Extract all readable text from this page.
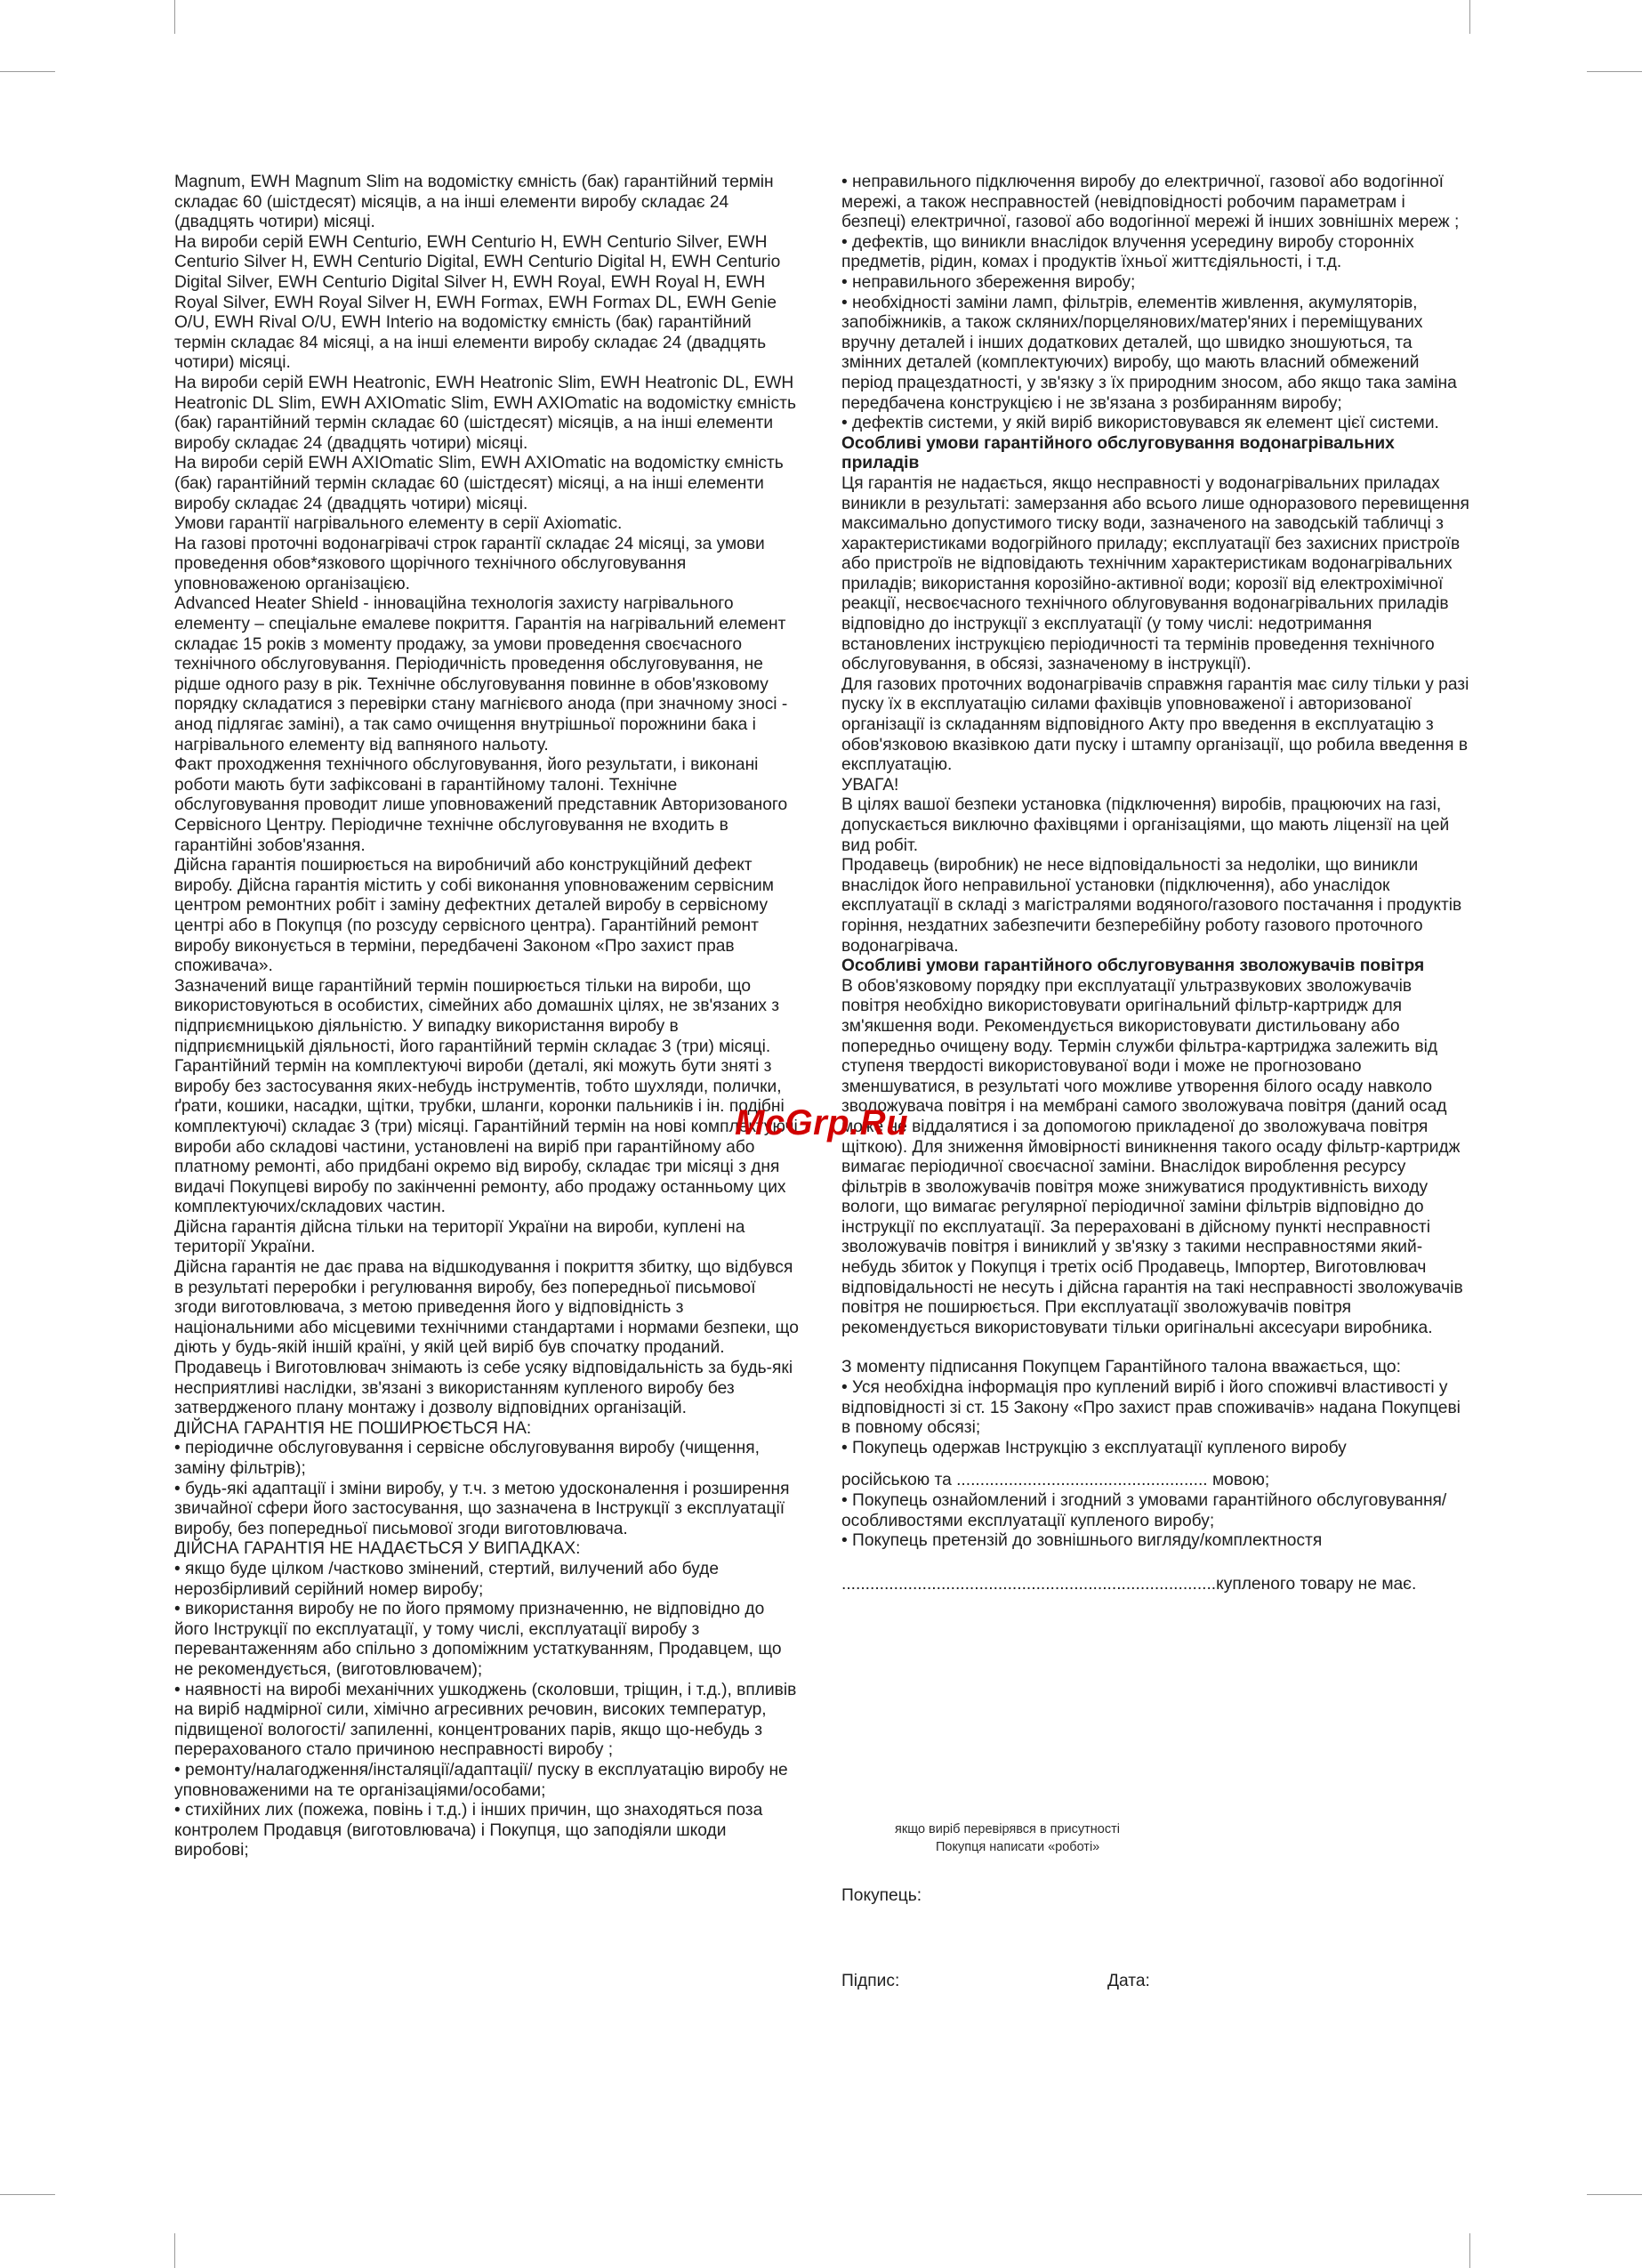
Magnum, EWH Magnum Slim на водомістку ємність (бак) гарантійний термін складає 60 (шістдесят) місяців, а на інші елементи виробу складає 24 (двадцять чотири) місяці.

На вироби серій EWH Centurio, EWH Centurio H, EWH Centurio Silver, EWH Centurio Silver H, EWH Centurio Digital, EWH Centurio Digital H, EWH Centurio Digital Silver, EWH Centurio Digital Silver H, EWH Royal, EWH Royal H, EWH Royal Silver, EWH Royal Silver H, EWH Formax, EWH Formax DL, EWH Genie O/U, EWH Rival O/U, EWH Interio на водомістку ємність (бак) гарантійний термін складає 84 місяці, а на інші елементи виробу складає 24 (двадцять чотири) місяці.

На вироби серій EWH Heatronic, EWH Heatronic Slim, EWH Heatronic DL, EWH Heatronic DL Slim, EWH AXIOmatic Slim, EWH AXIOmatic на водомістку ємність (бак) гарантійний термін складає 60 (шістдесят) місяців, а на інші елементи виробу складає 24 (двадцять чотири) місяці.

На вироби серій EWH AXIOmatic Slim, EWH AXIOmatic на водомістку ємність (бак) гарантійний термін складає 60 (шістдесят) місяці, а на інші елементи виробу складає 24 (двадцять чотири) місяці.

Умови гарантії нагрівального елементу в серії Axiomatic.

На газові проточні водонагрівачі строк гарантії складає 24 місяці, за умови проведення обов*язкового щорічного технічного обслуговування уповноваженою організацією.

Advanced Heater Shield - інноваційна технологія захисту нагрівального елементу – спеціальне емалеве покриття. Гарантія на нагрівальний елемент складає 15 років з моменту продажу, за умови проведення своєчасного технічного обслуговування. Періодичність проведення обслуговування, не рідше одного разу в рік. Технічне обслуговування повинне в обов'язковому порядку складатися з перевірки стану магнієвого анода (при значному зносі - анод підлягає заміні), а так само очищення внутрішньої порожнини бака і нагрівального елементу від вапняного нальоту.

Факт проходження технічного обслуговування, його результати, і виконані роботи мають бути зафіксовані в гарантійному талоні. Технічне обслуговування проводит лише уповноважений представник Авторизованого Сервісного Центру. Періодичне технічне обслуговування не входить в гарантійні зобов'язання.

Дійсна гарантія поширюється на виробничий або конструкційний дефект виробу. Дійсна гарантія містить у собі виконання уповноваженим сервісним центром ремонтних робіт і заміну дефектних деталей виробу в сервісному центрі або в Покупця (по розсуду сервісного центра). Гарантійний ремонт виробу виконується в терміни, передбачені Законом «Про захист прав споживача».

Зазначений вище гарантійний термін поширюється тільки на вироби, що використовуються в особистих, сімейних або домашніх цілях, не зв'язаних з підприємницькою діяльністю. У випадку використання виробу в підприємницькій діяльності, його гарантійний термін складає 3 (три) місяці. Гарантійний термін на комплектуючі вироби (деталі, які можуть бути зняті з виробу без застосування яких-небудь інструментів, тобто шухляди, полички, ґрати, кошики, насадки, щітки, трубки, шланги, коронки пальників і ін. подібні комплектуючі) складає 3 (три) місяці. Гарантійний термін на нові комплектуючі вироби або складові частини, установлені на виріб при гарантійному або платному ремонті, або придбані окремо від виробу, складає три місяці з дня видачі Покупцеві виробу по закінченні ремонту, або продажу останньому цих комплектуючих/складових частин.

Дійсна гарантія дійсна тільки на території України на вироби, куплені на території України.

Дійсна гарантія не дає права на відшкодування і покриття збитку, що відбувся в результаті переробки і регулювання виробу, без попередньої письмової згоди виготовлювача, з метою приведення його у відповідність з національними або місцевими технічними стандартами і нормами безпеки, що діють у будь-якій іншій країні, у якій цей виріб був спочатку проданий.

Продавець і Виготовлювач знімають із себе усяку відповідальність за будь-які несприятливі наслідки, зв'язані з використанням купленого виробу без затвердженого плану монтажу і дозволу відповідних організацій.

ДІЙСНА ГАРАНТІЯ НЕ ПОШИРЮЄТЬСЯ НА:

• періодичне обслуговування і сервісне обслуговування виробу (чищення, заміну фільтрів);

• будь-які адаптації і зміни виробу, у т.ч. з метою удосконалення і розширення звичайної сфери його застосування, що зазначена в Інструкції з експлуатації виробу, без попередньої письмової згоди виготовлювача.

ДІЙСНА ГАРАНТІЯ НЕ НАДАЄТЬСЯ У ВИПАДКАХ:

• якщо буде цілком /частково змінений, стертий, вилучений або буде нерозбірливий серійний номер виробу;

• використання виробу не по його прямому призначенню, не відповідно до його Інструкції по експлуатації, у тому числі, експлуатації виробу з перевантаженням або спільно з допоміжним устаткуванням, Продавцем, що не рекомендується, (виготовлювачем);

• наявності на виробі механічних ушкоджень (сколовши, тріщин, і т.д.), впливів на виріб надмірної сили, хімічно агресивних речовин, високих температур, підвищеної вологості/ запиленні, концентрованих парів, якщо що-небудь з перерахованого стало причиною несправності виробу ;

• ремонту/налагодження/інсталяції/адаптації/ пуску в експлуатацію виробу не уповноваженими на те організаціями/особами;

• стихійних лих (пожежа, повінь і т.д.) і інших причин, що знаходяться поза контролем Продавця (виготовлювача) і Покупця, що заподіяли шкоди виробові;

• неправильного підключення виробу до електричної, газової або водогінної мережі, а також несправностей (невідповідності робочим параметрам і безпеці) електричної, газової або водогінної мережі й інших зовнішніх мереж ;

• дефектів, що виникли внаслідок влучення усередину виробу сторонніх предметів, рідин, комах і продуктів їхньої життєдіяльності, і т.д.

• неправильного збереження виробу;

• необхідності заміни ламп, фільтрів, елементів живлення, акумуляторів, запобіжників, а також скляних/порцелянових/матер'яних і переміщуваних вручну деталей і інших додаткових деталей, що швидко зношуються, та змінних деталей (комплектуючих) виробу, що мають власний обмежений період працездатності, у зв'язку з їх природним зносом, або якщо така заміна передбачена конструкцією і не зв'язана з розбиранням виробу;

• дефектів системи, у якій виріб використовувався як елемент цієї системи.

Особливі умови гарантійного обслуговування водонагрівальних приладів

Ця гарантія не надається, якщо несправності у водонагрівальних приладах виникли в результаті: замерзання або всього лише одноразового перевищення максимально допустимого тиску води, зазначеного на заводській табличці з характеристиками водогрійного приладу; експлуатації без захисних пристроїв або пристроїв не відповідають технічним характеристикам водонагрівальних приладів; використання корозійно-активної води; корозії від електрохімічної реакції, несвоєчасного технічного облуговування водонагрівальних приладів відповідно до інструкції з експлуатації (у тому числі: недотримання встановлених інструкцією періодичності та термінів проведення технічного обслуговування, в обсязі, зазначеному в інструкції).

Для газових проточних водонагрівачів справжня гарантія має силу тільки у разі пуску їх в експлуатацію силами фахівців уповноваженої і авторизованої організації із складанням відповідного Акту про введення в експлуатацію з обов'язковою вказівкою дати пуску і штампу організації, що робила введення в експлуатацію.

УВАГА!

В цілях вашої безпеки установка (підключення) виробів, працюючих на газі, допускається виключно фахівцями і організаціями, що мають ліцензії на цей вид робіт.

Продавець (виробник) не несе відповідальності за недоліки, що виникли внаслідок його неправильної установки (підключення), або унаслідок експлуатації в складі з магістралями водяного/газового постачання і продуктів горіння, нездатних забезпечити безперебійну роботу газового проточного водонагрівача.

Особливі умови гарантійного обслуговування зволожувачів повітря

В обов'язковому порядку при експлуатації ультразвукових зволожувачів повітря необхідно використовувати оригінальний фільтр-картридж для зм'якшення води. Рекомендується використовувати дистильовану або попередньо очищену воду. Термін служби фільтра-картриджа залежить від ступеня твердості використовуваної води і може не прогнозовано зменшуватися, в результаті чого можливе утворення білого осаду навколо зволожувача повітря і на мембрані самого зволожувача повітря (даний осад може не віддалятися і за допомогою прикладеної до зволожувача повітря щіткою). Для зниження ймовірності виникнення такого осаду фільтр-картридж вимагає періодичної своєчасної заміни. Внаслідок вироблення ресурсу фільтрів в зволожувачів повітря може знижуватися продуктивність виходу вологи, що вимагає регулярної періодичної заміни фільтрів відповідно до інструкції по експлуатації. За перераховані в дійсному пункті несправності зволожувачів повітря і виниклий у зв'язку з такими несправностями який-небудь збиток у Покупця і третіх осіб Продавець, Імпортер, Виготовлювач відповідальності не несуть і дійсна гарантія на такі несправності зволожувачів повітря не поширюється. При експлуатації зволожувачів повітря рекомендується використовувати тільки оригінальні аксесуари виробника.

З моменту підписання Покупцем Гарантійного талона вважається, що:

• Уся необхідна інформація про куплений виріб і його споживчі властивості у відповідності зі ст. 15 Закону «Про захист прав споживачів» надана Покупцеві в повному обсязі;

• Покупець одержав Інструкцію з експлуатації купленого виробу

російською та ..................................................... мовою;

• Покупець ознайомлений і згодний з умовами гарантійного обслуговування/особливостями експлуатації купленого виробу;

• Покупець претензій до зовнішнього вигляду/комплектностя

...............................................................................купленого товару не має.

McGrp.Ru
якщо виріб перевірявся в присутності
Покупця написати «роботі»
Покупець:
Підпис:	Дата:
